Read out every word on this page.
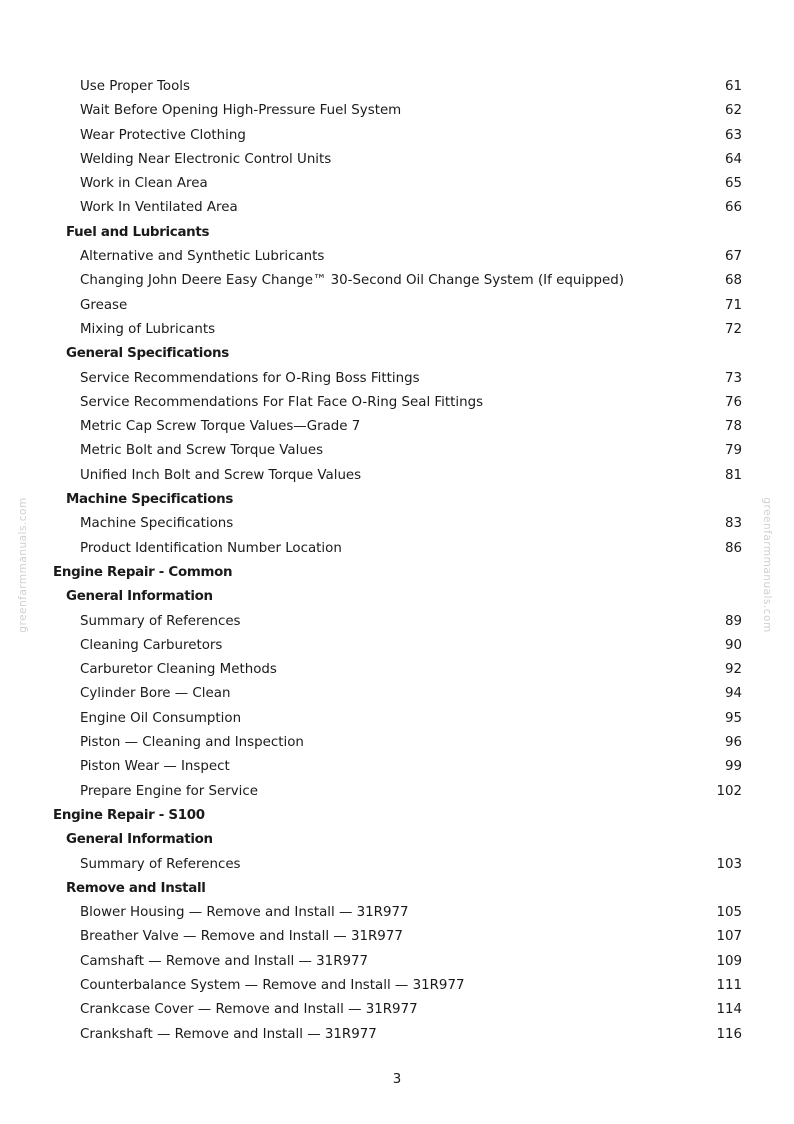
greenfarmmanuals.com	greenfarmmanuals.com
Use Proper Tools	61
Wait Before Opening High-Pressure Fuel System	62
Wear Protective Clothing	63
Welding Near Electronic Control Units	64
Work in Clean Area	65
Work In Ventilated Area	66
Fuel and Lubricants
Alternative and Synthetic Lubricants	67
Changing John Deere Easy Change™ 30-Second Oil Change System (If equipped)	68
Grease	71
Mixing of Lubricants	72
General Specifications
Service Recommendations for O-Ring Boss Fittings	73
Service Recommendations For Flat Face O-Ring Seal Fittings	76
Metric Cap Screw Torque Values—Grade 7	78
Metric Bolt and Screw Torque Values	79
Unified Inch Bolt and Screw Torque Values	81
Machine Specifications
Machine Specifications	83
Product Identification Number Location	86
Engine Repair - Common
General Information
Summary of References	89
Cleaning Carburetors	90
Carburetor Cleaning Methods	92
Cylinder Bore — Clean	94
Engine Oil Consumption	95
Piston — Cleaning and Inspection	96
Piston Wear — Inspect	99
Prepare Engine for Service	102
Engine Repair - S100
General Information
Summary of References	103
Remove and Install
Blower Housing — Remove and Install — 31R977	105
Breather Valve — Remove and Install — 31R977	107
Camshaft — Remove and Install — 31R977	109
Counterbalance System — Remove and Install — 31R977	111
Crankcase Cover — Remove and Install — 31R977	114
Crankshaft — Remove and Install — 31R977	116
3
